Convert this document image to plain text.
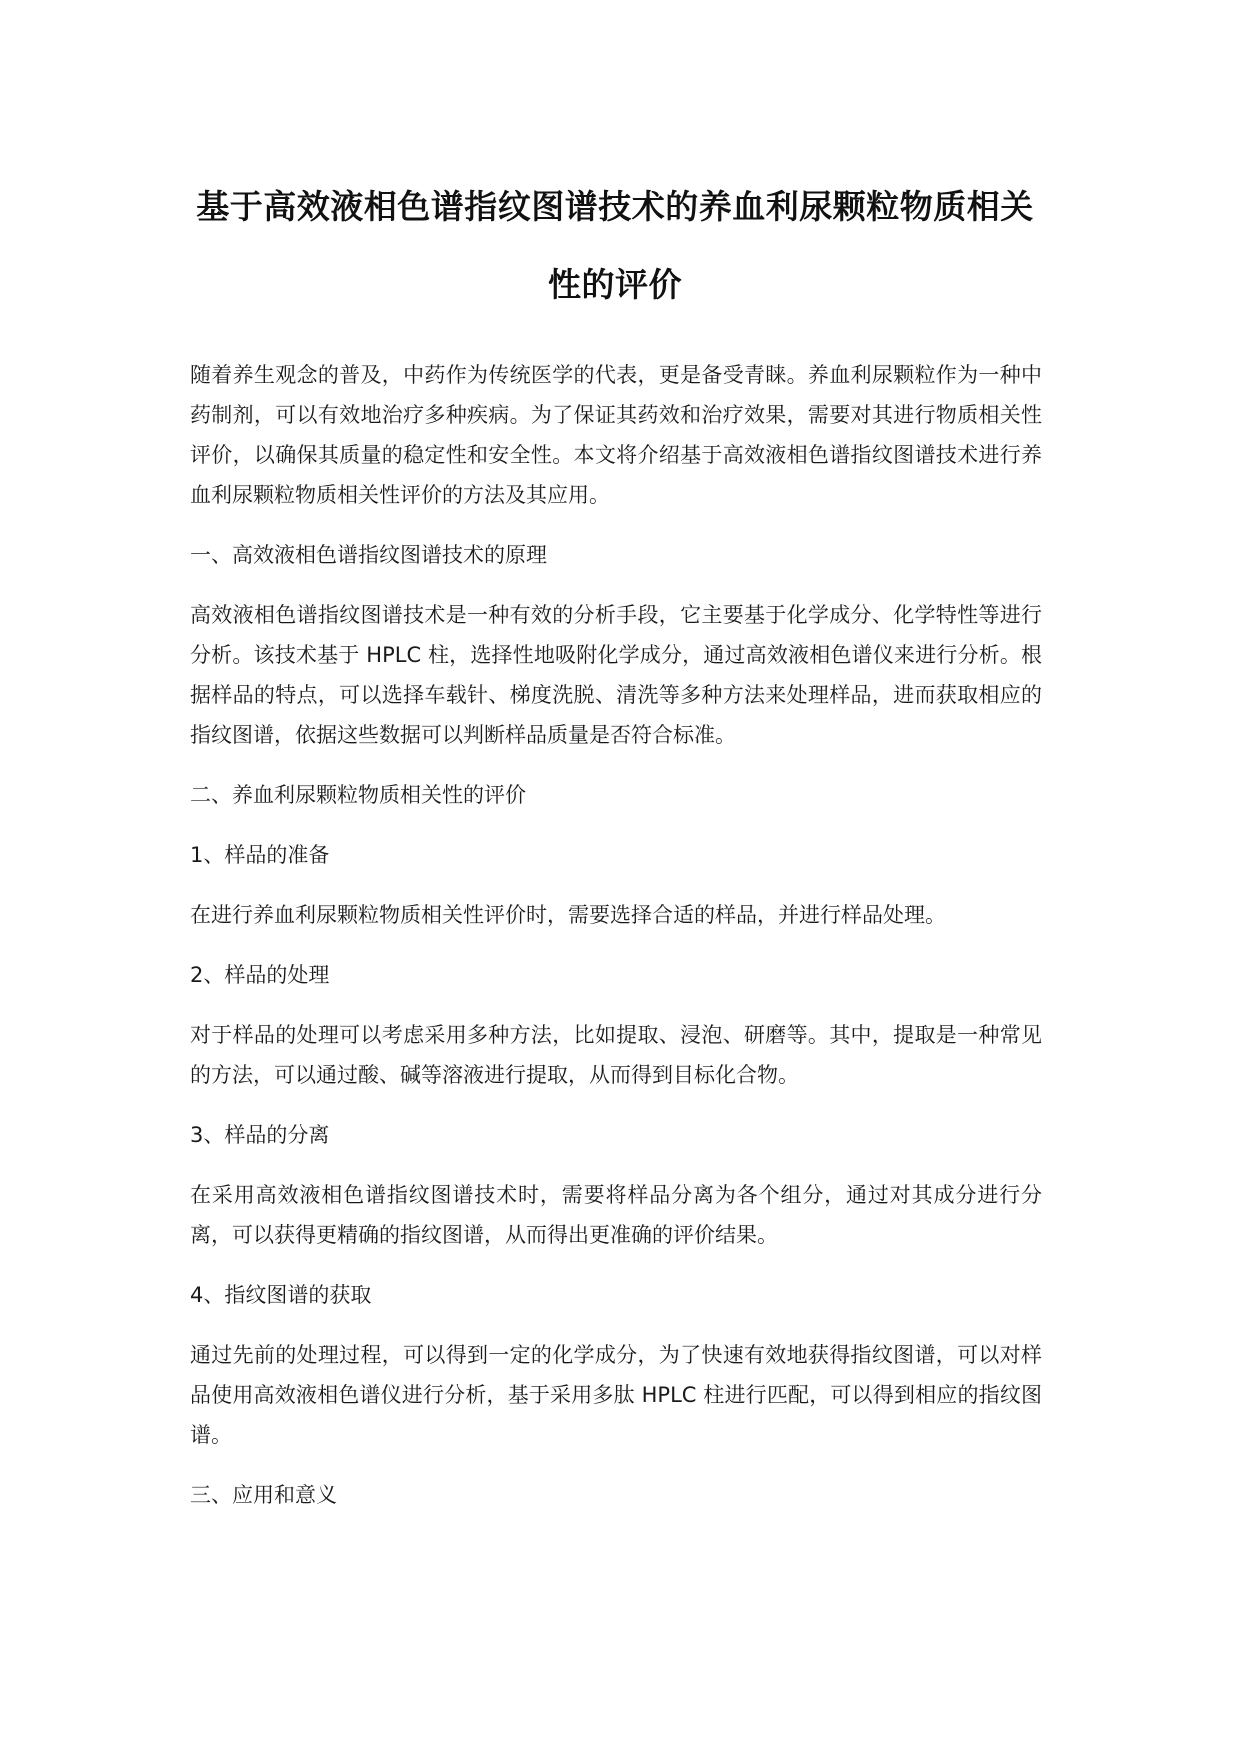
基于高效液相色谱指纹图谱技术的养血利尿颗粒物质相关性的评价

随着养生观念的普及，中药作为传统医学的代表，更是备受青睐。养血利尿颗粒作为一种中药制剂，可以有效地治疗多种疾病。为了保证其药效和治疗效果，需要对其进行物质相关性评价，以确保其质量的稳定性和安全性。本文将介绍基于高效液相色谱指纹图谱技术进行养血利尿颗粒物质相关性评价的方法及其应用。

一、高效液相色谱指纹图谱技术的原理

高效液相色谱指纹图谱技术是一种有效的分析手段，它主要基于化学成分、化学特性等进行分析。该技术基于 HPLC 柱，选择性地吸附化学成分，通过高效液相色谱仪来进行分析。根据样品的特点，可以选择车载针、梯度洗脱、清洗等多种方法来处理样品，进而获取相应的指纹图谱，依据这些数据可以判断样品质量是否符合标准。

二、养血利尿颗粒物质相关性的评价

1、样品的准备

在进行养血利尿颗粒物质相关性评价时，需要选择合适的样品，并进行样品处理。

2、样品的处理

对于样品的处理可以考虑采用多种方法，比如提取、浸泡、研磨等。其中，提取是一种常见的方法，可以通过酸、碱等溶液进行提取，从而得到目标化合物。

3、样品的分离

在采用高效液相色谱指纹图谱技术时，需要将样品分离为各个组分，通过对其成分进行分离，可以获得更精确的指纹图谱，从而得出更准确的评价结果。

4、指纹图谱的获取

通过先前的处理过程，可以得到一定的化学成分，为了快速有效地获得指纹图谱，可以对样品使用高效液相色谱仪进行分析，基于采用多肽 HPLC 柱进行匹配，可以得到相应的指纹图谱。

三、应用和意义
